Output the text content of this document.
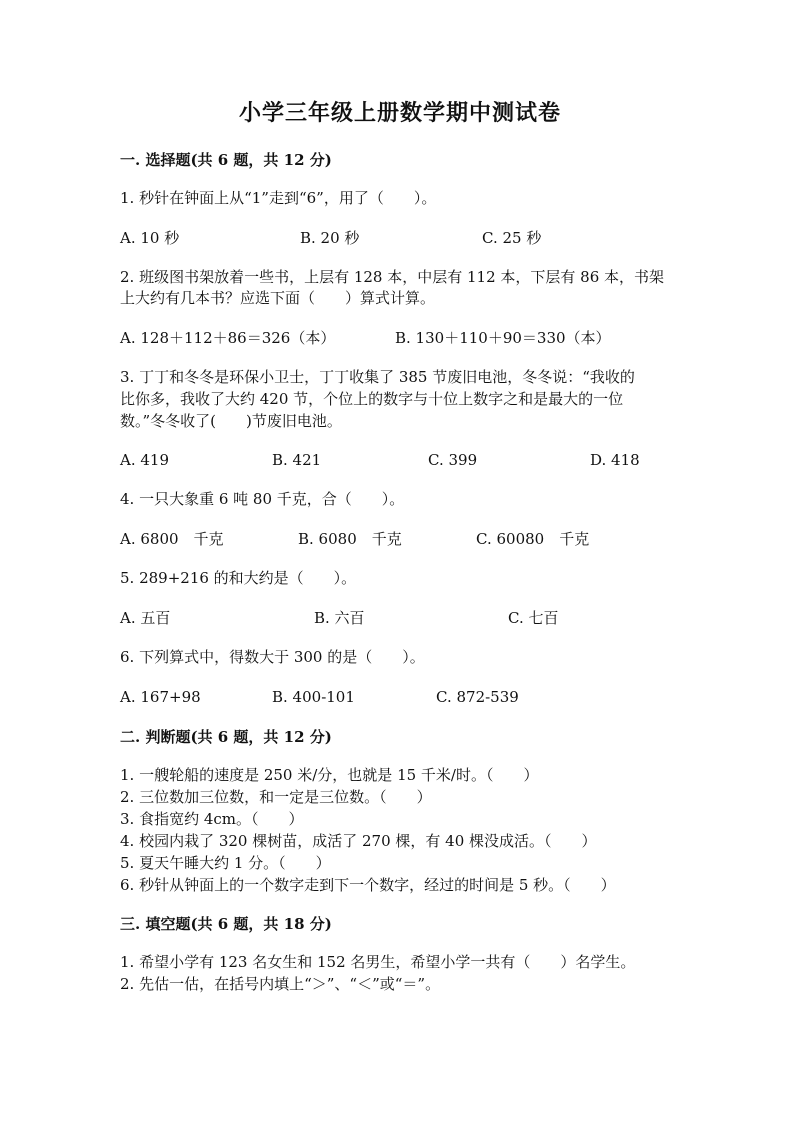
小学三年级上册数学期中测试卷
一. 选择题(共 6 题，共 12 分)
1. 秒针在钟面上从“1”走到“6”，用了（　　）。
A. 10 秒	B. 20 秒	C. 25 秒
2. 班级图书架放着一些书，上层有 128 本，中层有 112 本，下层有 86 本，书架
上大约有几本书？应选下面（　　）算式计算。
A. 128＋112＋86＝326（本）	B. 130＋110＋90＝330（本）
3. 丁丁和冬冬是环保小卫士，丁丁收集了 385 节废旧电池，冬冬说：“我收的
比你多，我收了大约 420 节，个位上的数字与十位上数字之和是最大的一位
数。”冬冬收了(　　)节废旧电池。
A. 419	B. 421	C. 399	D. 418
4. 一只大象重 6 吨 80 千克，合（　　）。
A. 6800　千克	B. 6080　千克	C. 60080　千克
5. 289+216 的和大约是（　　）。
A. 五百	B. 六百	C. 七百
6. 下列算式中，得数大于 300 的是（　　）。
A. 167+98	B. 400-101	C. 872-539
二. 判断题(共 6 题，共 12 分)
1. 一艘轮船的速度是 250 米/分，也就是 15 千米/时。（　　）
2. 三位数加三位数，和一定是三位数。（　　）
3. 食指宽约 4cm。（　　）
4. 校园内栽了 320 棵树苗，成活了 270 棵，有 40 棵没成活。（　　）
5. 夏天午睡大约 1 分。（　　）
6. 秒针从钟面上的一个数字走到下一个数字，经过的时间是 5 秒。（　　）
三. 填空题(共 6 题，共 18 分)
1. 希望小学有 123 名女生和 152 名男生，希望小学一共有（　　）名学生。
2. 先估一估，在括号内填上“＞”、“＜”或“＝”。
